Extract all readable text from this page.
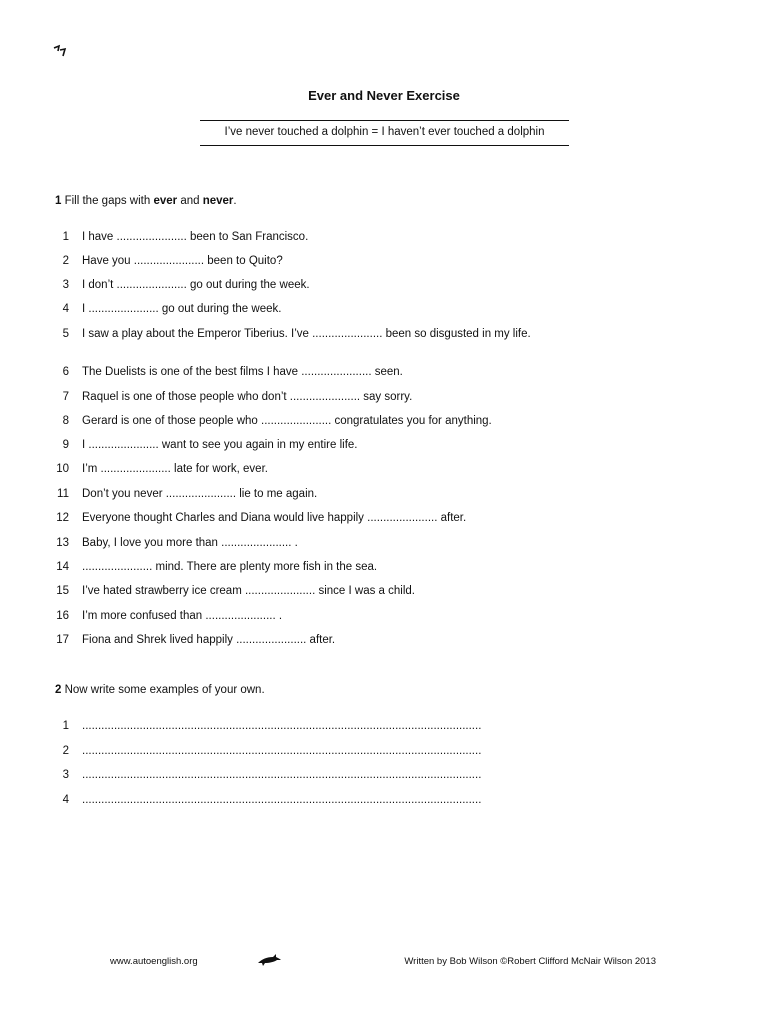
Ever and Never Exercise
I’ve never touched a dolphin = I haven’t ever touched a dolphin
1 Fill the gaps with ever and never.
1 I have ...................... been to San Francisco.
2 Have you ...................... been to Quito?
3 I don’t ...................... go out during the week.
4 I ...................... go out during the week.
5 I saw a play about the Emperor Tiberius. I’ve ...................... been so disgusted in my life.
6 The Duelists is one of the best films I have ...................... seen.
7 Raquel is one of those people who don’t ...................... say sorry.
8 Gerard is one of those people who ...................... congratulates you for anything.
9 I ...................... want to see you again in my entire life.
10 I’m ...................... late for work, ever.
11 Don’t you never ...................... lie to me again.
12 Everyone thought Charles and Diana would live happily ...................... after.
13 Baby, I love you more than ...................... .
14 ...................... mind. There are plenty more fish in the sea.
15 I’ve hated strawberry ice cream ...................... since I was a child.
16 I’m more confused than ...................... .
17 Fiona and Shrek lived happily ...................... after.
2 Now write some examples of your own.
1 .............................................................................................................................
2 .............................................................................................................................
3 .............................................................................................................................
4 .............................................................................................................................
www.autoenglish.org	Written by Bob Wilson ©Robert Clifford McNair Wilson 2013
